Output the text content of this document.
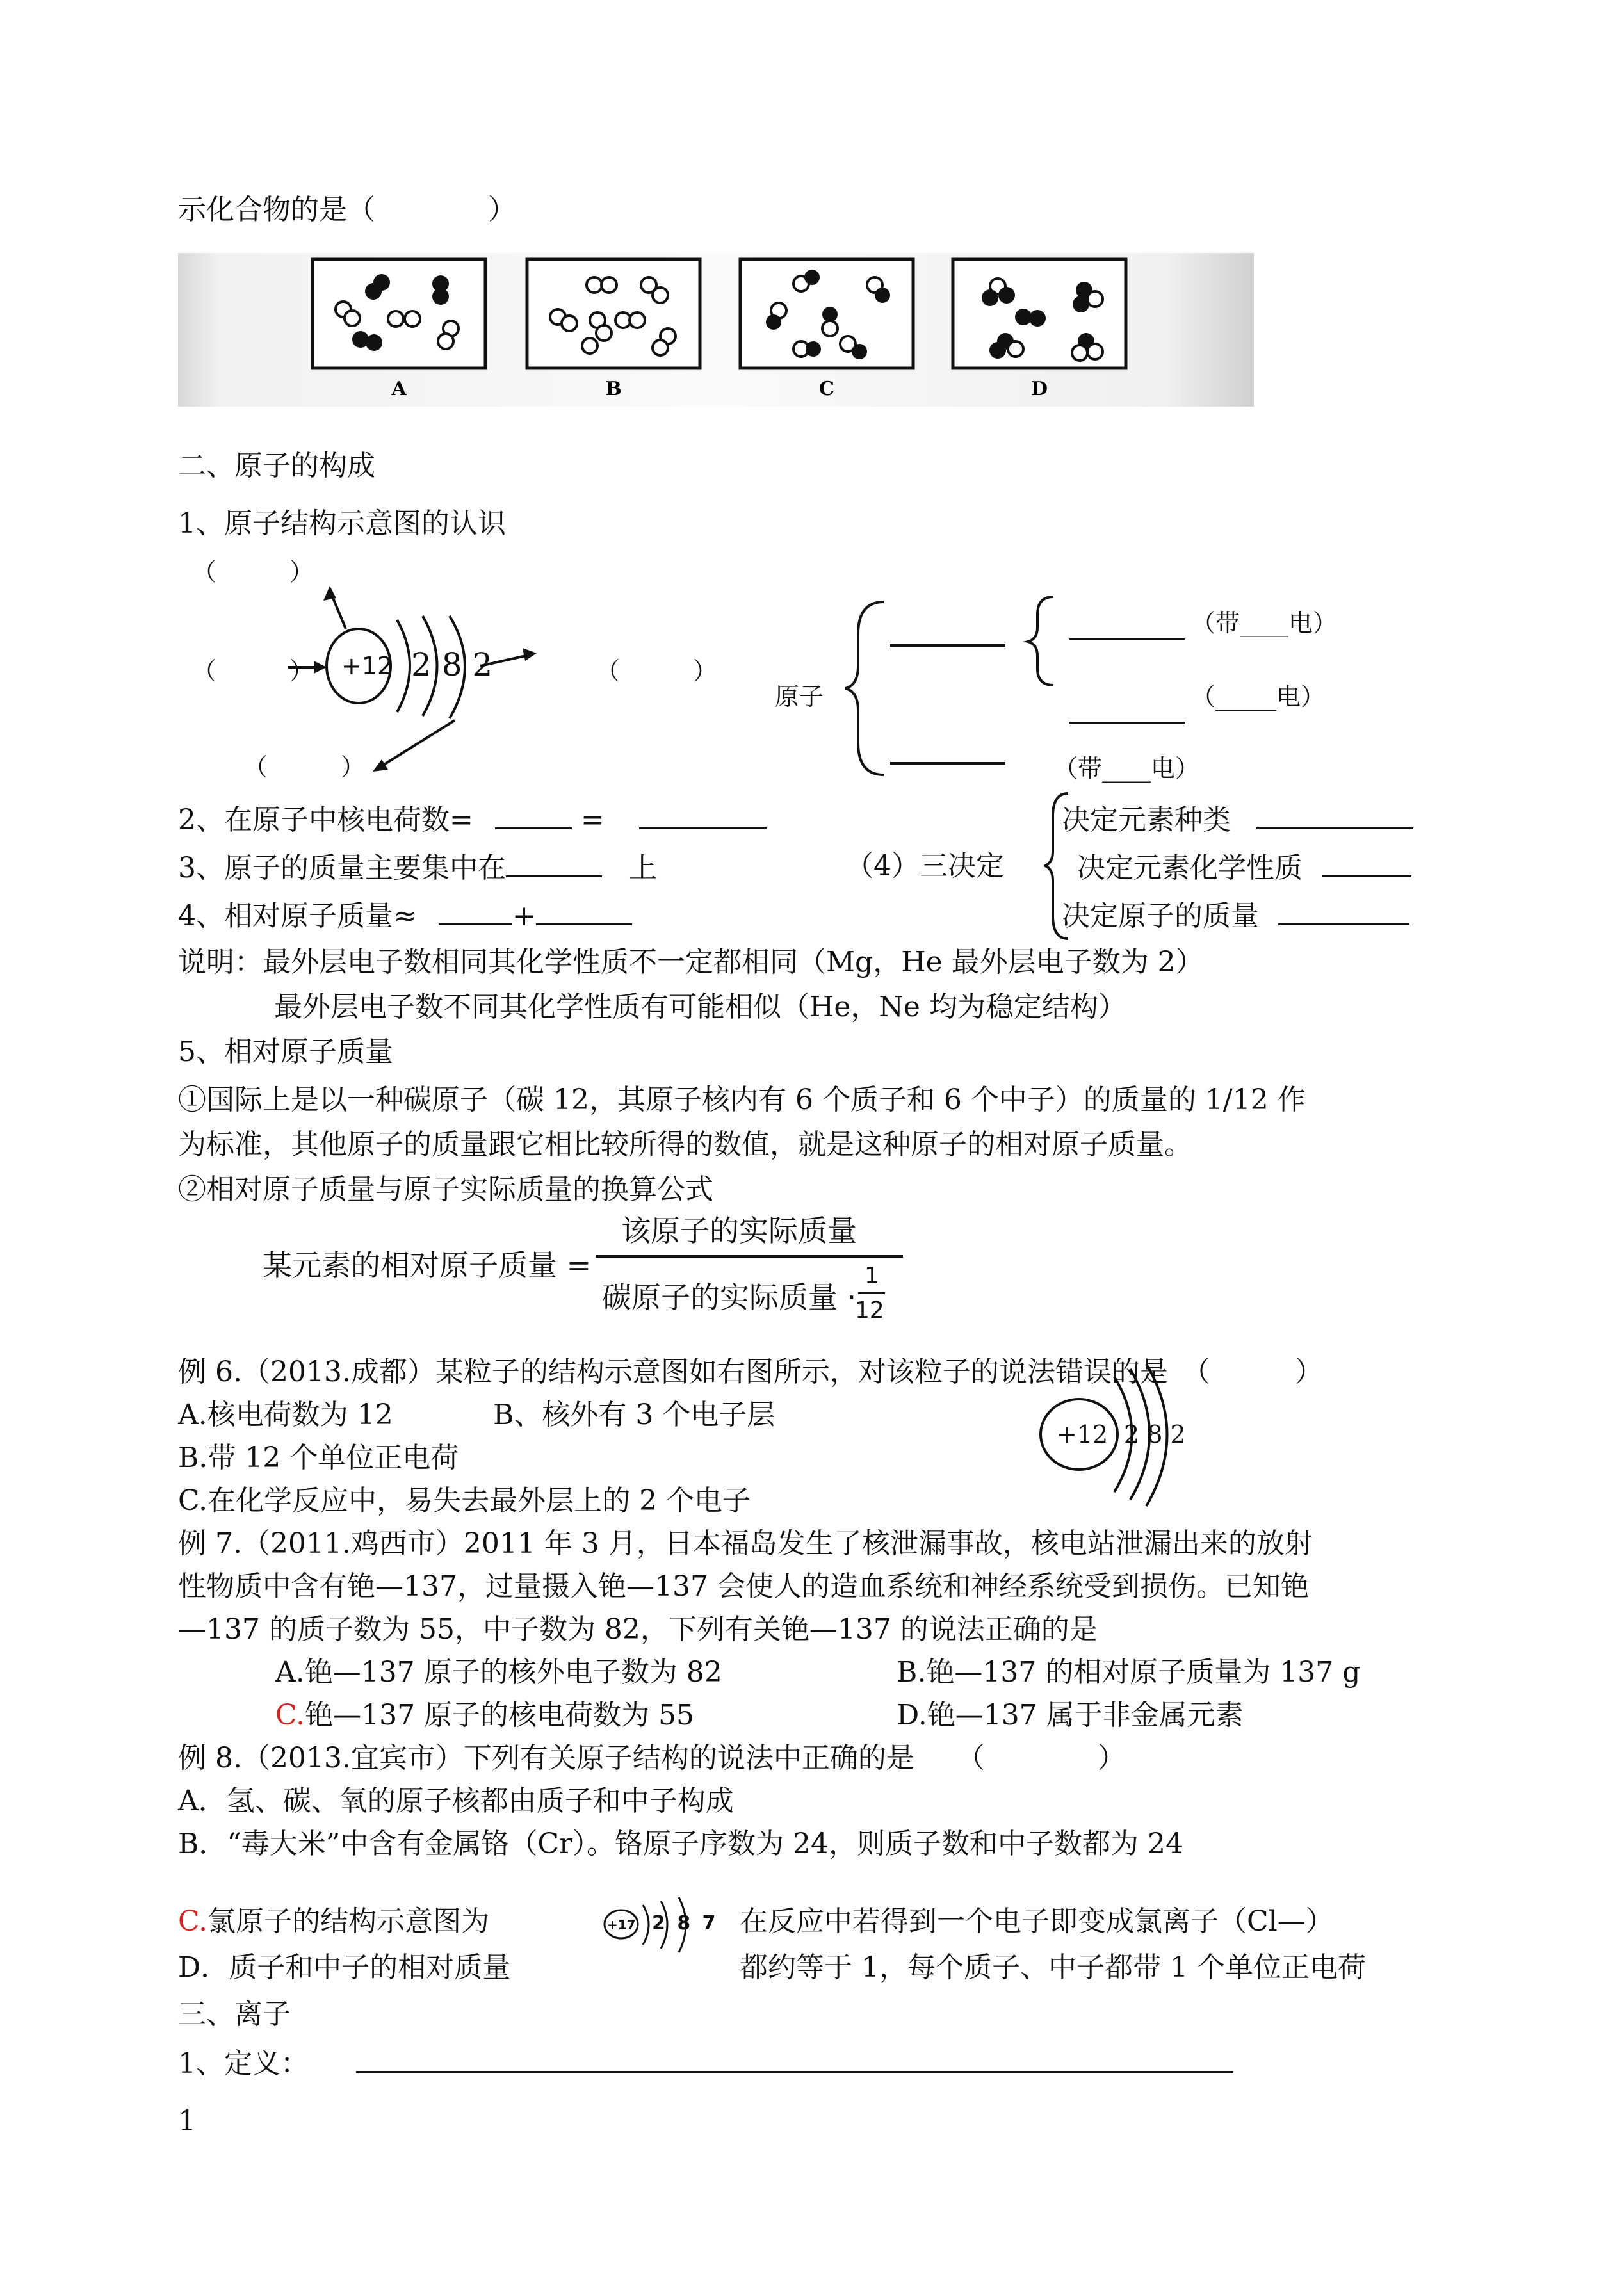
示化合物的是（　　　　）
A	B	C	D
二、原子的构成
1、原子结构示意图的认识
（　　　）
（　　　）	（　　　）
（　　　）
+12 2 8 2
原子
（带____电）
（_____电）
（带____电）
2、在原子中核电荷数=	=
3、原子的质量主要集中在	上
4、相对原子质量≈	+
（4）三决定
决定元素种类
决定元素化学性质
决定原子的质量
说明：最外层电子数相同其化学性质不一定都相同（Mg，He 最外层电子数为 2）
最外层电子数不同其化学性质有可能相似（He，Ne 均为稳定结构）
5、相对原子质量
①国际上是以一种碳原子（碳 12，其原子核内有 6 个质子和 6 个中子）的质量的 1/12 作
为标准，其他原子的质量跟它相比较所得的数值，就是这种原子的相对原子质量。
②相对原子质量与原子实际质量的换算公式
某元素的相对原子质量 =
该原子的实际质量
碳原子的实际质量 ·
1
12
例 6.（2013.成都）某粒子的结构示意图如右图所示，对该粒子的说法错误的是　（　　　）
A.核电荷数为 12	B、核外有 3 个电子层
B.带 12 个单位正电荷
C.在化学反应中，易失去最外层上的 2 个电子
+12 2 8 2
例 7.（2011.鸡西市）2011 年 3 月，日本福岛发生了核泄漏事故，核电站泄漏出来的放射
性物质中含有铯—137，过量摄入铯—137 会使人的造血系统和神经系统受到损伤。已知铯
—137 的质子数为 55，中子数为 82，下列有关铯—137 的说法正确的是
A.铯—137 原子的核外电子数为 82	B.铯—137 的相对原子质量为 137 g
C.铯—137 原子的核电荷数为 55	D.铯—137 属于非金属元素
例 8.（2013.宜宾市）下列有关原子结构的说法中正确的是　　（　　　　）
A．氢、碳、氧的原子核都由质子和中子构成
B．“毒大米”中含有金属铬（Cr）。铬原子序数为 24，则质子数和中子数都为 24
C.氯原子的结构示意图为	+17 2 8 7 在反应中若得到一个电子即变成氯离子（Cl—）
D．质子和中子的相对质量	都约等于 1，每个质子、中子都带 1 个单位正电荷
三、离子
1、定义：
1
